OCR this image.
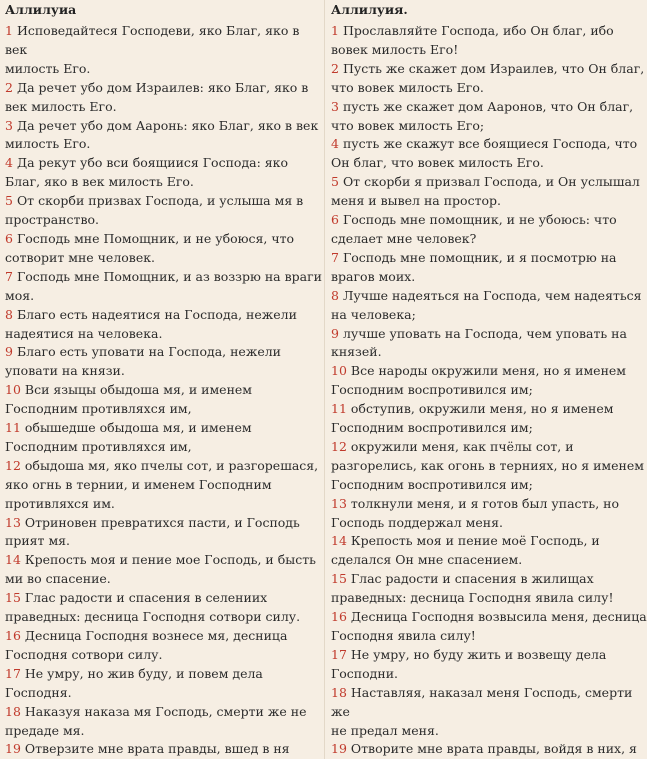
Аллилуиа

1 Исповедайтеся Господеви, яко Благ, яко в век
милость Его.

2 Да речет убо дом Израилев: яко Благ, яко в
век милость Его.

3 Да речет убо дом Ааронь: яко Благ, яко в век
милость Его.

4 Да рекут убо вси боящиися Господа: яко
Благ, яко в век милость Его.

5 От скорби призвах Господа, и услыша мя в
пространство.

6 Господь мне Помощник, и не убоюся, что
сотворит мне человек.

7 Господь мне Помощник, и аз воззрю на враги
моя.

8 Благо есть надеятися на Господа, нежели
надеятися на человека.

9 Благо есть уповати на Господа, нежели
уповати на князи.

10 Вси языцы обыдоша мя, и именем
Господним противляхся им,

11 обышедше обыдоша мя, и именем
Господним противляхся им,

12 обыдоша мя, яко пчелы сот, и разгорешася,
яко огнь в тернии, и именем Господним
противляхся им.

13 Отриновен превратихся пасти, и Господь
прият мя.

14 Крепость моя и пение мое Господь, и бысть
ми во спасение.

15 Глас радости и спасения в селениих
праведных: десница Господня сотвори силу.

16 Десница Господня вознесе мя, десница
Господня сотвори силу.

17 Не умру, но жив буду, и повем дела
Господня.

18 Наказуя наказа мя Господь, смерти же не
предаде мя.

19 Отверзите мне врата правды, вшед в ня

Аллилуия.

1 Прославляйте Господа, ибо Он благ, ибо
вовек милость Его!

2 Пусть же скажет дом Израилев, что Он благ,
что вовек милость Его.

3 пусть же скажет дом Ааронов, что Он благ,
что вовек милость Его;

4 пусть же скажут все боящиеся Господа, что
Он благ, что вовек милость Его.

5 От скорби я призвал Господа, и Он услышал
меня и вывел на простор.

6 Господь мне помощник, и не убоюсь: что
сделает мне человек?

7 Господь мне помощник, и я посмотрю на
врагов моих.

8 Лучше надеяться на Господа, чем надеяться
на человека;

9 лучше уповать на Господа, чем уповать на
князей.

10 Все народы окружили меня, но я именем
Господним воспротивился им;

11 обступив, окружили меня, но я именем
Господним воспротивился им;

12 окружили меня, как пчёлы сот, и
разгорелись, как огонь в терниях, но я именем
Господним воспротивился им;

13 толкнули меня, и я готов был упасть, но
Господь поддержал меня.

14 Крепость моя и пение моё Господь, и
сделался Он мне спасением.

15 Глас радости и спасения в жилищах
праведных: десница Господня явила силу!

16 Десница Господня возвысила меня, десница
Господня явила силу!

17 Не умру, но буду жить и возвещу дела
Господни.

18 Наставляя, наказал меня Господь, смерти же
не предал меня.

19 Отворите мне врата правды, войдя в них, я
